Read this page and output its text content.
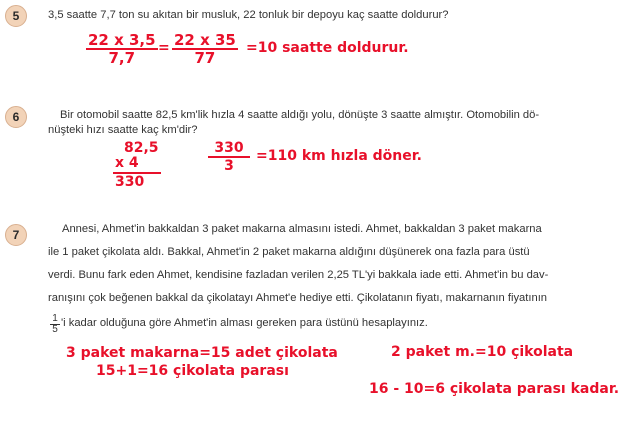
5	3,5 saatte 7,7 ton su akıtan bir musluk, 22 tonluk bir depoyu kaç saatte doldurur?
$\frac{22 x 3,5}{7,7} = \frac{22 x 35}{77} =10$ saatte doldurur.
6	Bir otomobil saatte 82,5 km'lik hızla 4 saatte aldığı yolu, dönüşte 3 saatte almıştır. Otomobilin dö-
nüşteki hızı saatte kaç km'dir?
82,5
x 4
330
$\frac{330}{3} =110$ km hızla döner.
7	Annesi, Ahmet'in bakkaldan 3 paket makarna almasını istedi. Ahmet, bakkaldan 3 paket makarna
ile 1 paket çikolata aldı. Bakkal, Ahmet'in 2 paket makarna aldığını düşünerek ona fazla para üstü
verdi. Bunu fark eden Ahmet, kendisine fazladan verilen 2,25 TL'yi bakkala iade etti. Ahmet'in bu dav-
ranışını çok beğenen bakkal da çikolatayı Ahmet'e hediye etti. Çikolatanın fiyatı, makarnanın fiyatının
$\frac{1}{5}$ 'i kadar olduğuna göre Ahmet'in alması gereken para üstünü hesaplayınız.
3 paket makarna=15 adet çikolata
15+1=16 çikolata parası
2 paket m.=10 çikolata
16 - 10=6 çikolata parası kadar.
